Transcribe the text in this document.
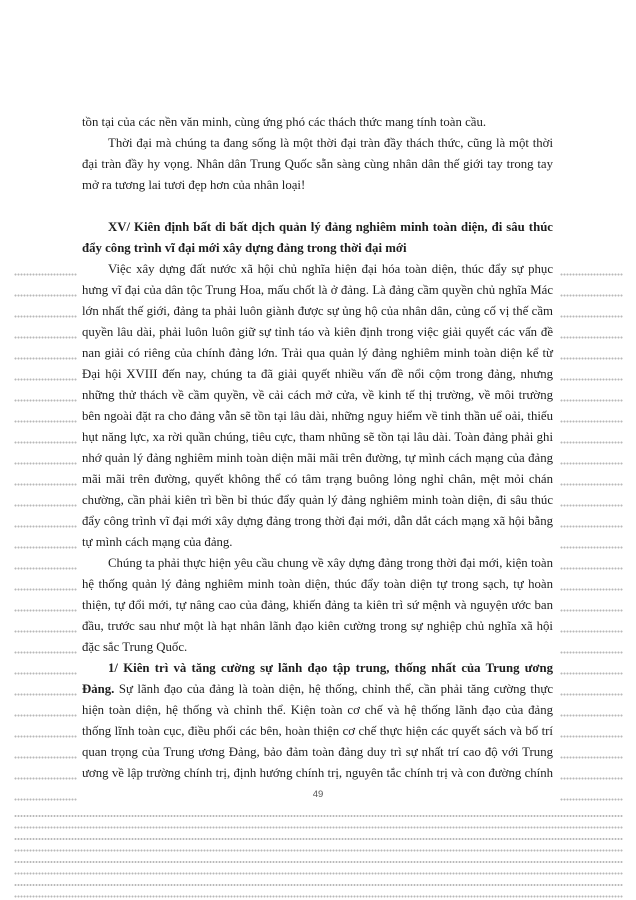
tồn tại của các nền văn minh, cùng ứng phó các thách thức mang tính toàn cầu.
Thời đại mà chúng ta đang sống là một thời đại tràn đầy thách thức, cũng là một thời
đại tràn đầy hy vọng. Nhân dân Trung Quốc sẵn sàng cùng nhân dân thế giới tay trong tay
mở ra tương lai tươi đẹp hơn của nhân loại!
XV/ Kiên định bất di bất dịch quản lý đảng nghiêm minh toàn diện, đi sâu thúc
đẩy công trình vĩ đại mới xây dựng đảng trong thời đại mới
Việc xây dựng đất nước xã hội chủ nghĩa hiện đại hóa toàn diện, thúc đẩy sự phục
hưng vĩ đại của dân tộc Trung Hoa, mấu chốt là ở đảng. Là đảng cầm quyền chủ nghĩa Mác
lớn nhất thế giới, đảng ta phải luôn giành được sự ủng hộ của nhân dân, củng cố vị thế cầm
quyền lâu dài, phải luôn luôn giữ sự tỉnh táo và kiên định trong việc giải quyết các vấn đề
nan giải có riêng của chính đảng lớn. Trải qua quản lý đảng nghiêm minh toàn diện kể từ
Đại hội XVIII đến nay, chúng ta đã giải quyết nhiều vấn đề nổi cộm trong đảng, nhưng
những thử thách về cầm quyền, về cải cách mở cửa, về kinh tế thị trường, về môi trường
bên ngoài đặt ra cho đảng vẫn sẽ tồn tại lâu dài, những nguy hiểm về tinh thần uể oải, thiếu
hụt năng lực, xa rời quần chúng, tiêu cực, tham nhũng sẽ tồn tại lâu dài. Toàn đảng phải ghi
nhớ quản lý đảng nghiêm minh toàn diện mãi mãi trên đường, tự mình cách mạng của đảng
mãi mãi trên đường, quyết không thể có tâm trạng buông lỏng nghỉ chân, mệt mỏi chán
chường, cần phải kiên trì bền bỉ thúc đẩy quản lý đảng nghiêm minh toàn diện, đi sâu thúc
đẩy công trình vĩ đại mới xây dựng đảng trong thời đại mới, dẫn dắt cách mạng xã hội bằng
tự mình cách mạng của đảng.
Chúng ta phải thực hiện yêu cầu chung về xây dựng đảng trong thời đại mới, kiện toàn
hệ thống quản lý đảng nghiêm minh toàn diện, thúc đẩy toàn diện tự trong sạch, tự hoàn
thiện, tự đổi mới, tự nâng cao của đảng, khiến đảng ta kiên trì sứ mệnh và nguyện ước ban
đầu, trước sau như một là hạt nhân lãnh đạo kiên cường trong sự nghiệp chủ nghĩa xã hội
đặc sắc Trung Quốc.
1/ Kiên trì và tăng cường sự lãnh đạo tập trung, thống nhất của Trung ương
Đảng. Sự lãnh đạo của đảng là toàn diện, hệ thống, chỉnh thể, cần phải tăng cường thực
hiện toàn diện, hệ thống và chỉnh thể. Kiện toàn cơ chế và hệ thống lãnh đạo của đảng
thống lĩnh toàn cục, điều phối các bên, hoàn thiện cơ chế thực hiện các quyết sách và bố trí
quan trọng của Trung ương Đảng, bảo đảm toàn đảng duy trì sự nhất trí cao độ với Trung
ương về lập trường chính trị, định hướng chính trị, nguyên tắc chính trị và con đường chính
49
